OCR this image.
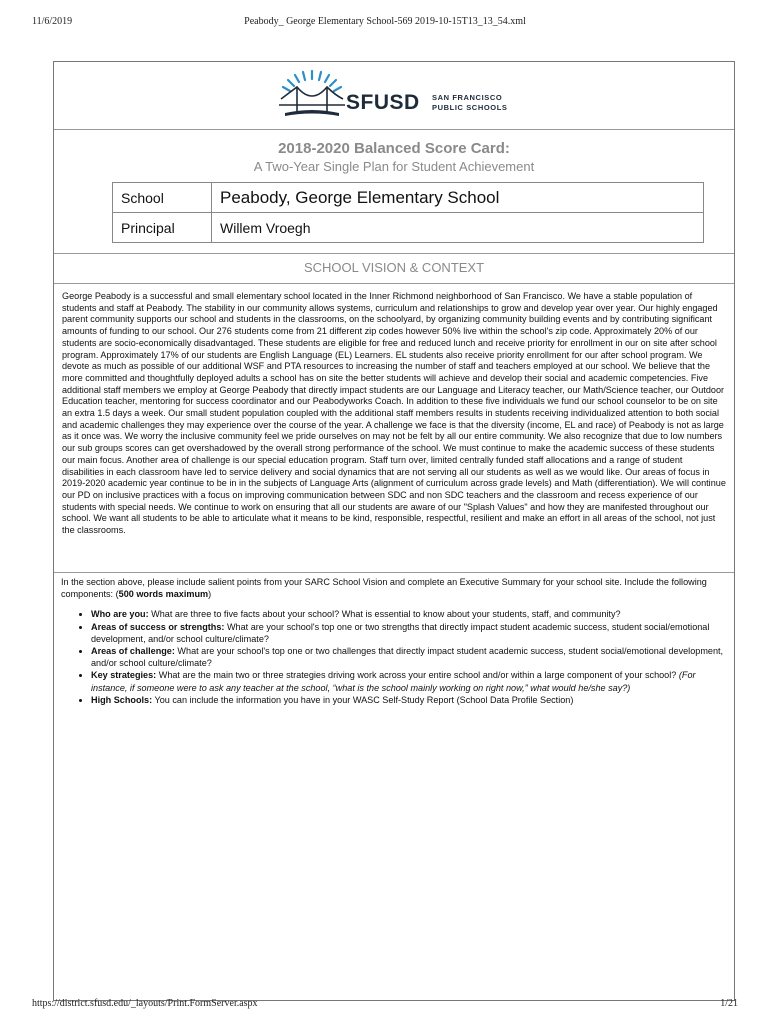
11/6/2019	Peabody_ George Elementary School-569 2019-10-15T13_13_54.xml
SFUSD SAN FRANCISCO
PUBLIC SCHOOLS
2018-2020 Balanced Score Card:
A Two-Year Single Plan for Student Achievement
School	Peabody, George Elementary School
Principal	Willem Vroegh
SCHOOL VISION & CONTEXT
George Peabody is a successful and small elementary school located in the Inner Richmond neighborhood of San Francisco. We have a stable population of students and staff at Peabody. The stability in our community allows systems, curriculum and relationships to grow and develop year over year. Our highly engaged parent community supports our school and students in the classrooms, on the schoolyard, by organizing community building events and by contributing significant amounts of funding to our school. Our 276 students come from 21 different zip codes however 50% live within the school's zip code. Approximately 20% of our students are socio-economically disadvantaged. These students are eligible for free and reduced lunch and receive priority for enrollment in our on site after school program. Approximately 17% of our students are English Language (EL) Learners. EL students also receive priority enrollment for our after school program. We devote as much as possible of our additional WSF and PTA resources to increasing the number of staff and teachers employed at our school. We believe that the more committed and thoughtfully deployed adults a school has on site the better students will achieve and develop their social and academic competencies. Five additional staff members we employ at George Peabody that directly impact students are our Language and Literacy teacher, our Math/Science teacher, our Outdoor Education teacher, mentoring for success coordinator and our Peabodyworks Coach. In addition to these five individuals we fund our school counselor to be on site an extra 1.5 days a week. Our small student population coupled with the additional staff members results in students receiving individualized attention to both social and academic challenges they may experience over the course of the year. A challenge we face is that the diversity (income, EL and race) of Peabody is not as large as it once was. We worry the inclusive community feel we pride ourselves on may not be felt by all our entire community. We also recognize that due to low numbers our sub groups scores can get overshadowed by the overall strong performance of the school. We must continue to make the academic success of these students our main focus. Another area of challenge is our special education program. Staff turn over, limited centrally funded staff allocations and a range of student disabilities in each classroom have led to service delivery and social dynamics that are not serving all our students as well as we would like. Our areas of focus in 2019-2020 academic year continue to be in in the subjects of Language Arts (alignment of curriculum across grade levels) and Math (differentiation). We will continue our PD on inclusive practices with a focus on improving communication between SDC and non SDC teachers and the classroom and recess experience of our students with special needs. We continue to work on ensuring that all our students are aware of our "Splash Values" and how they are manifested throughout our school. We want all students to be able to articulate what it means to be kind, responsible, respectful, resilient and make an effort in all areas of the school, not just the classrooms.
In the section above, please include salient points from your SARC School Vision and complete an Executive Summary for your school site. Include the following components: (500 words maximum)
• Who are you: What are three to five facts about your school? What is essential to know about your students, staff, and community?
• Areas of success or strengths: What are your school's top one or two strengths that directly impact student academic success, student social/emotional development, and/or school culture/climate?
• Areas of challenge: What are your school's top one or two challenges that directly impact student academic success, student social/emotional development, and/or school culture/climate?
• Key strategies: What are the main two or three strategies driving work across your entire school and/or within a large component of your school? (For instance, if someone were to ask any teacher at the school, “what is the school mainly working on right now,” what would he/she say?)
• High Schools: You can include the information you have in your WASC Self-Study Report (School Data Profile Section)
https://district.sfusd.edu/_layouts/Print.FormServer.aspx	1/21
